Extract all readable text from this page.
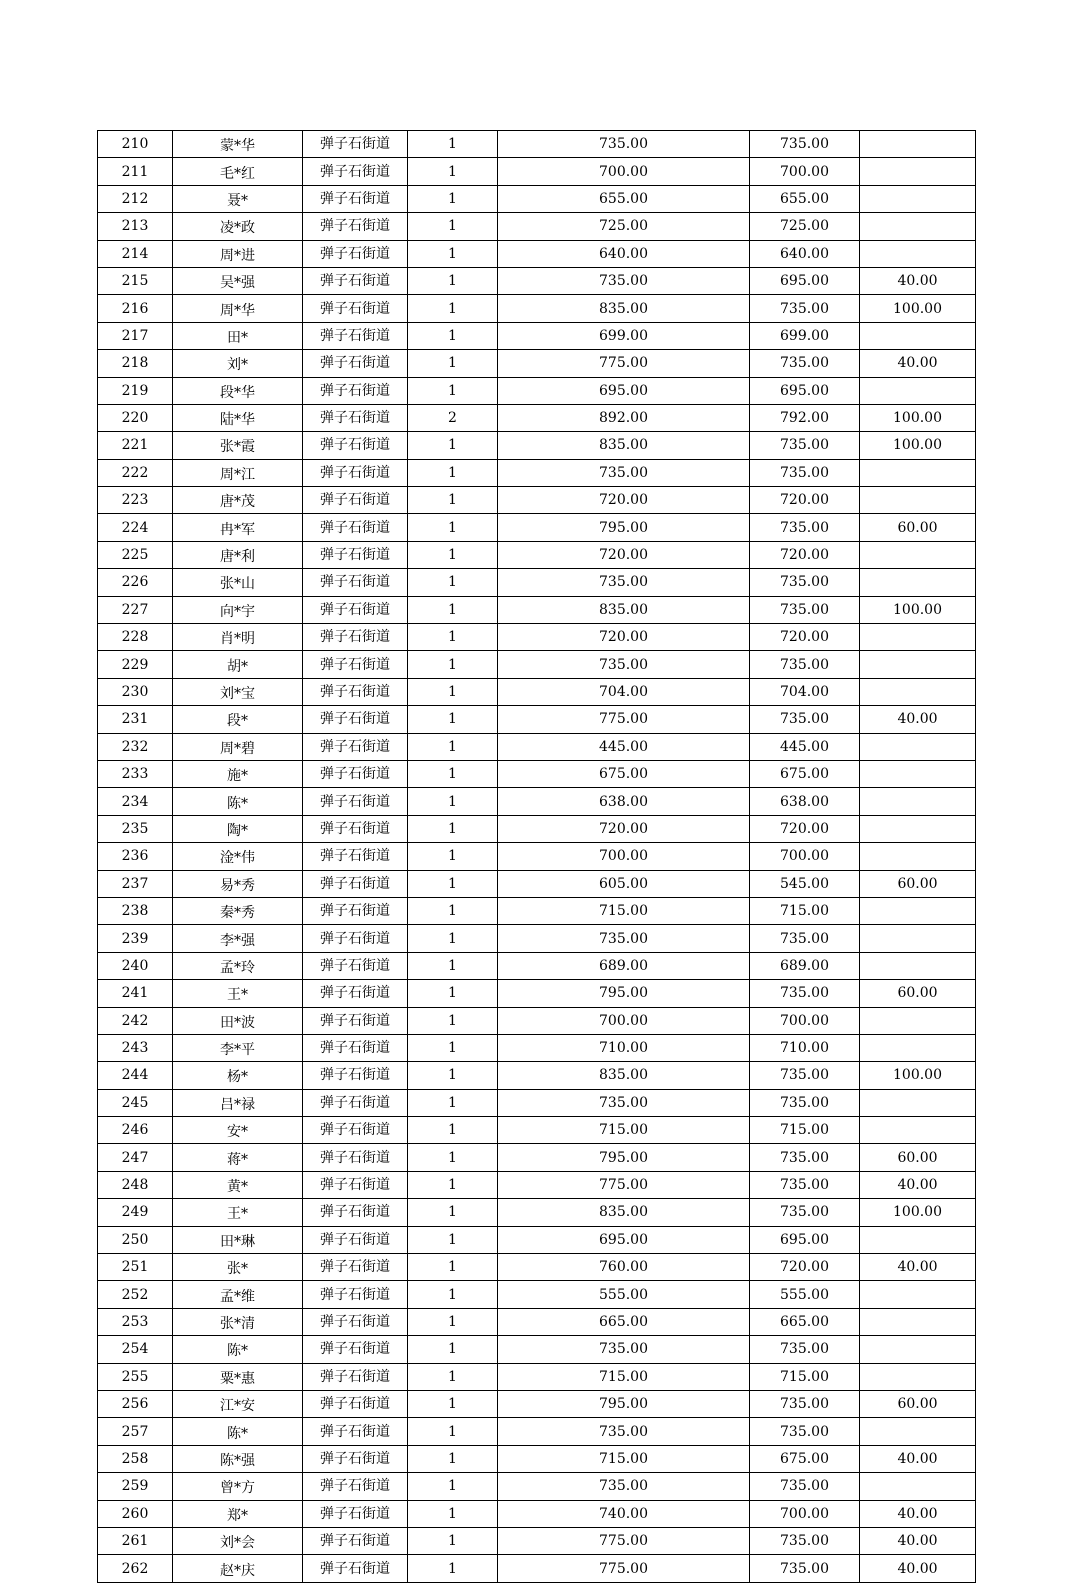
210	蒙*华	弹子石街道	1	735.00	735.00	
211	毛*红	弹子石街道	1	700.00	700.00	
212	聂*	弹子石街道	1	655.00	655.00	
213	凌*政	弹子石街道	1	725.00	725.00	
214	周*进	弹子石街道	1	640.00	640.00	
215	吴*强	弹子石街道	1	735.00	695.00	40.00
216	周*华	弹子石街道	1	835.00	735.00	100.00
217	田*	弹子石街道	1	699.00	699.00	
218	刘*	弹子石街道	1	775.00	735.00	40.00
219	段*华	弹子石街道	1	695.00	695.00	
220	陆*华	弹子石街道	2	892.00	792.00	100.00
221	张*霞	弹子石街道	1	835.00	735.00	100.00
222	周*江	弹子石街道	1	735.00	735.00	
223	唐*茂	弹子石街道	1	720.00	720.00	
224	冉*军	弹子石街道	1	795.00	735.00	60.00
225	唐*利	弹子石街道	1	720.00	720.00	
226	张*山	弹子石街道	1	735.00	735.00	
227	向*宇	弹子石街道	1	835.00	735.00	100.00
228	肖*明	弹子石街道	1	720.00	720.00	
229	胡*	弹子石街道	1	735.00	735.00	
230	刘*宝	弹子石街道	1	704.00	704.00	
231	段*	弹子石街道	1	775.00	735.00	40.00
232	周*碧	弹子石街道	1	445.00	445.00	
233	施*	弹子石街道	1	675.00	675.00	
234	陈*	弹子石街道	1	638.00	638.00	
235	陶*	弹子石街道	1	720.00	720.00	
236	淦*伟	弹子石街道	1	700.00	700.00	
237	易*秀	弹子石街道	1	605.00	545.00	60.00
238	秦*秀	弹子石街道	1	715.00	715.00	
239	李*强	弹子石街道	1	735.00	735.00	
240	孟*玲	弹子石街道	1	689.00	689.00	
241	王*	弹子石街道	1	795.00	735.00	60.00
242	田*波	弹子石街道	1	700.00	700.00	
243	李*平	弹子石街道	1	710.00	710.00	
244	杨*	弹子石街道	1	835.00	735.00	100.00
245	吕*禄	弹子石街道	1	735.00	735.00	
246	安*	弹子石街道	1	715.00	715.00	
247	蒋*	弹子石街道	1	795.00	735.00	60.00
248	黄*	弹子石街道	1	775.00	735.00	40.00
249	王*	弹子石街道	1	835.00	735.00	100.00
250	田*琳	弹子石街道	1	695.00	695.00	
251	张*	弹子石街道	1	760.00	720.00	40.00
252	孟*维	弹子石街道	1	555.00	555.00	
253	张*清	弹子石街道	1	665.00	665.00	
254	陈*	弹子石街道	1	735.00	735.00	
255	粟*惠	弹子石街道	1	715.00	715.00	
256	江*安	弹子石街道	1	795.00	735.00	60.00
257	陈*	弹子石街道	1	735.00	735.00	
258	陈*强	弹子石街道	1	715.00	675.00	40.00
259	曾*方	弹子石街道	1	735.00	735.00	
260	郑*	弹子石街道	1	740.00	700.00	40.00
261	刘*会	弹子石街道	1	775.00	735.00	40.00
262	赵*庆	弹子石街道	1	775.00	735.00	40.00
